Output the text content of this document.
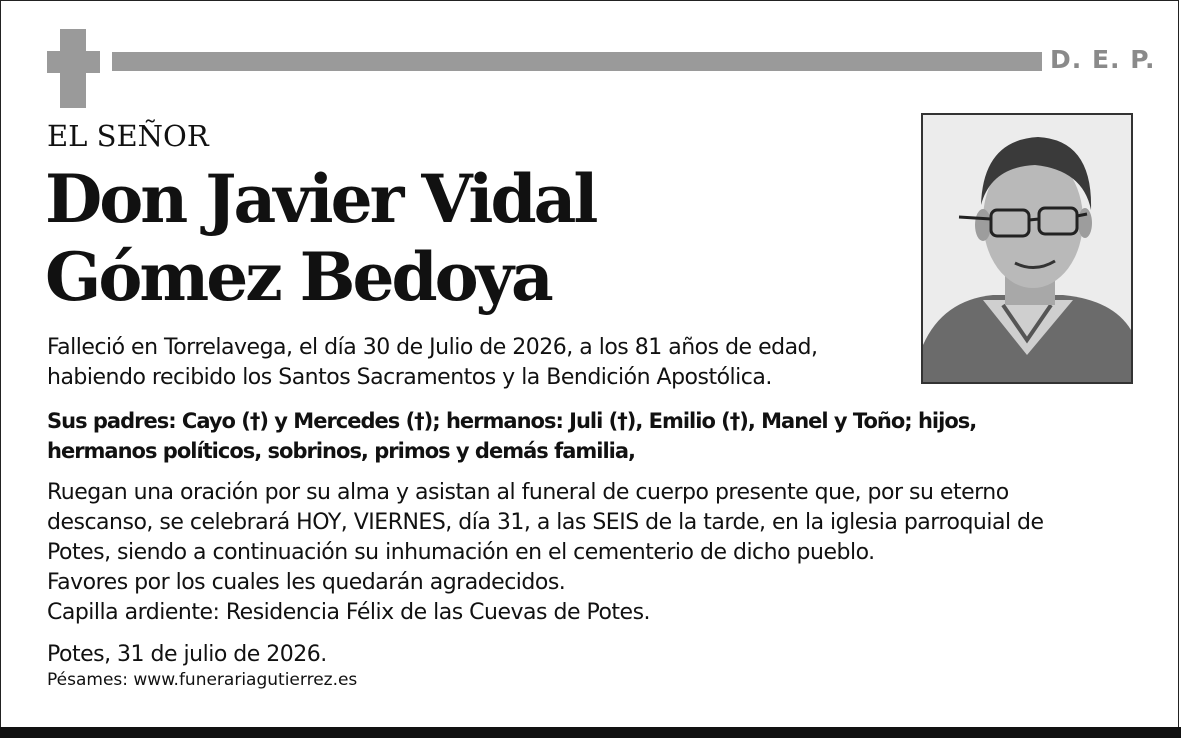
D. E. P.
EL SEÑOR
Don Javier Vidal
Gómez Bedoya
Falleció en Torrelavega, el día 30 de Julio de 2026, a los 81 años de edad,
habiendo recibido los Santos Sacramentos y la Bendición Apostólica.
Sus padres: Cayo (†) y Mercedes (†); hermanos: Juli (†), Emilio (†), Manel y Toño; hijos,
hermanos políticos, sobrinos, primos y demás familia,
Ruegan una oración por su alma y asistan al funeral de cuerpo presente que, por su eterno
descanso, se celebrará HOY, VIERNES, día 31, a las SEIS de la tarde, en la iglesia parroquial de
Potes, siendo a continuación su inhumación en el cementerio de dicho pueblo.
Favores por los cuales les quedarán agradecidos.
Capilla ardiente: Residencia Félix de las Cuevas de Potes.
Potes, 31 de julio de 2026.
Pésames: www.funerariagutierrez.es
